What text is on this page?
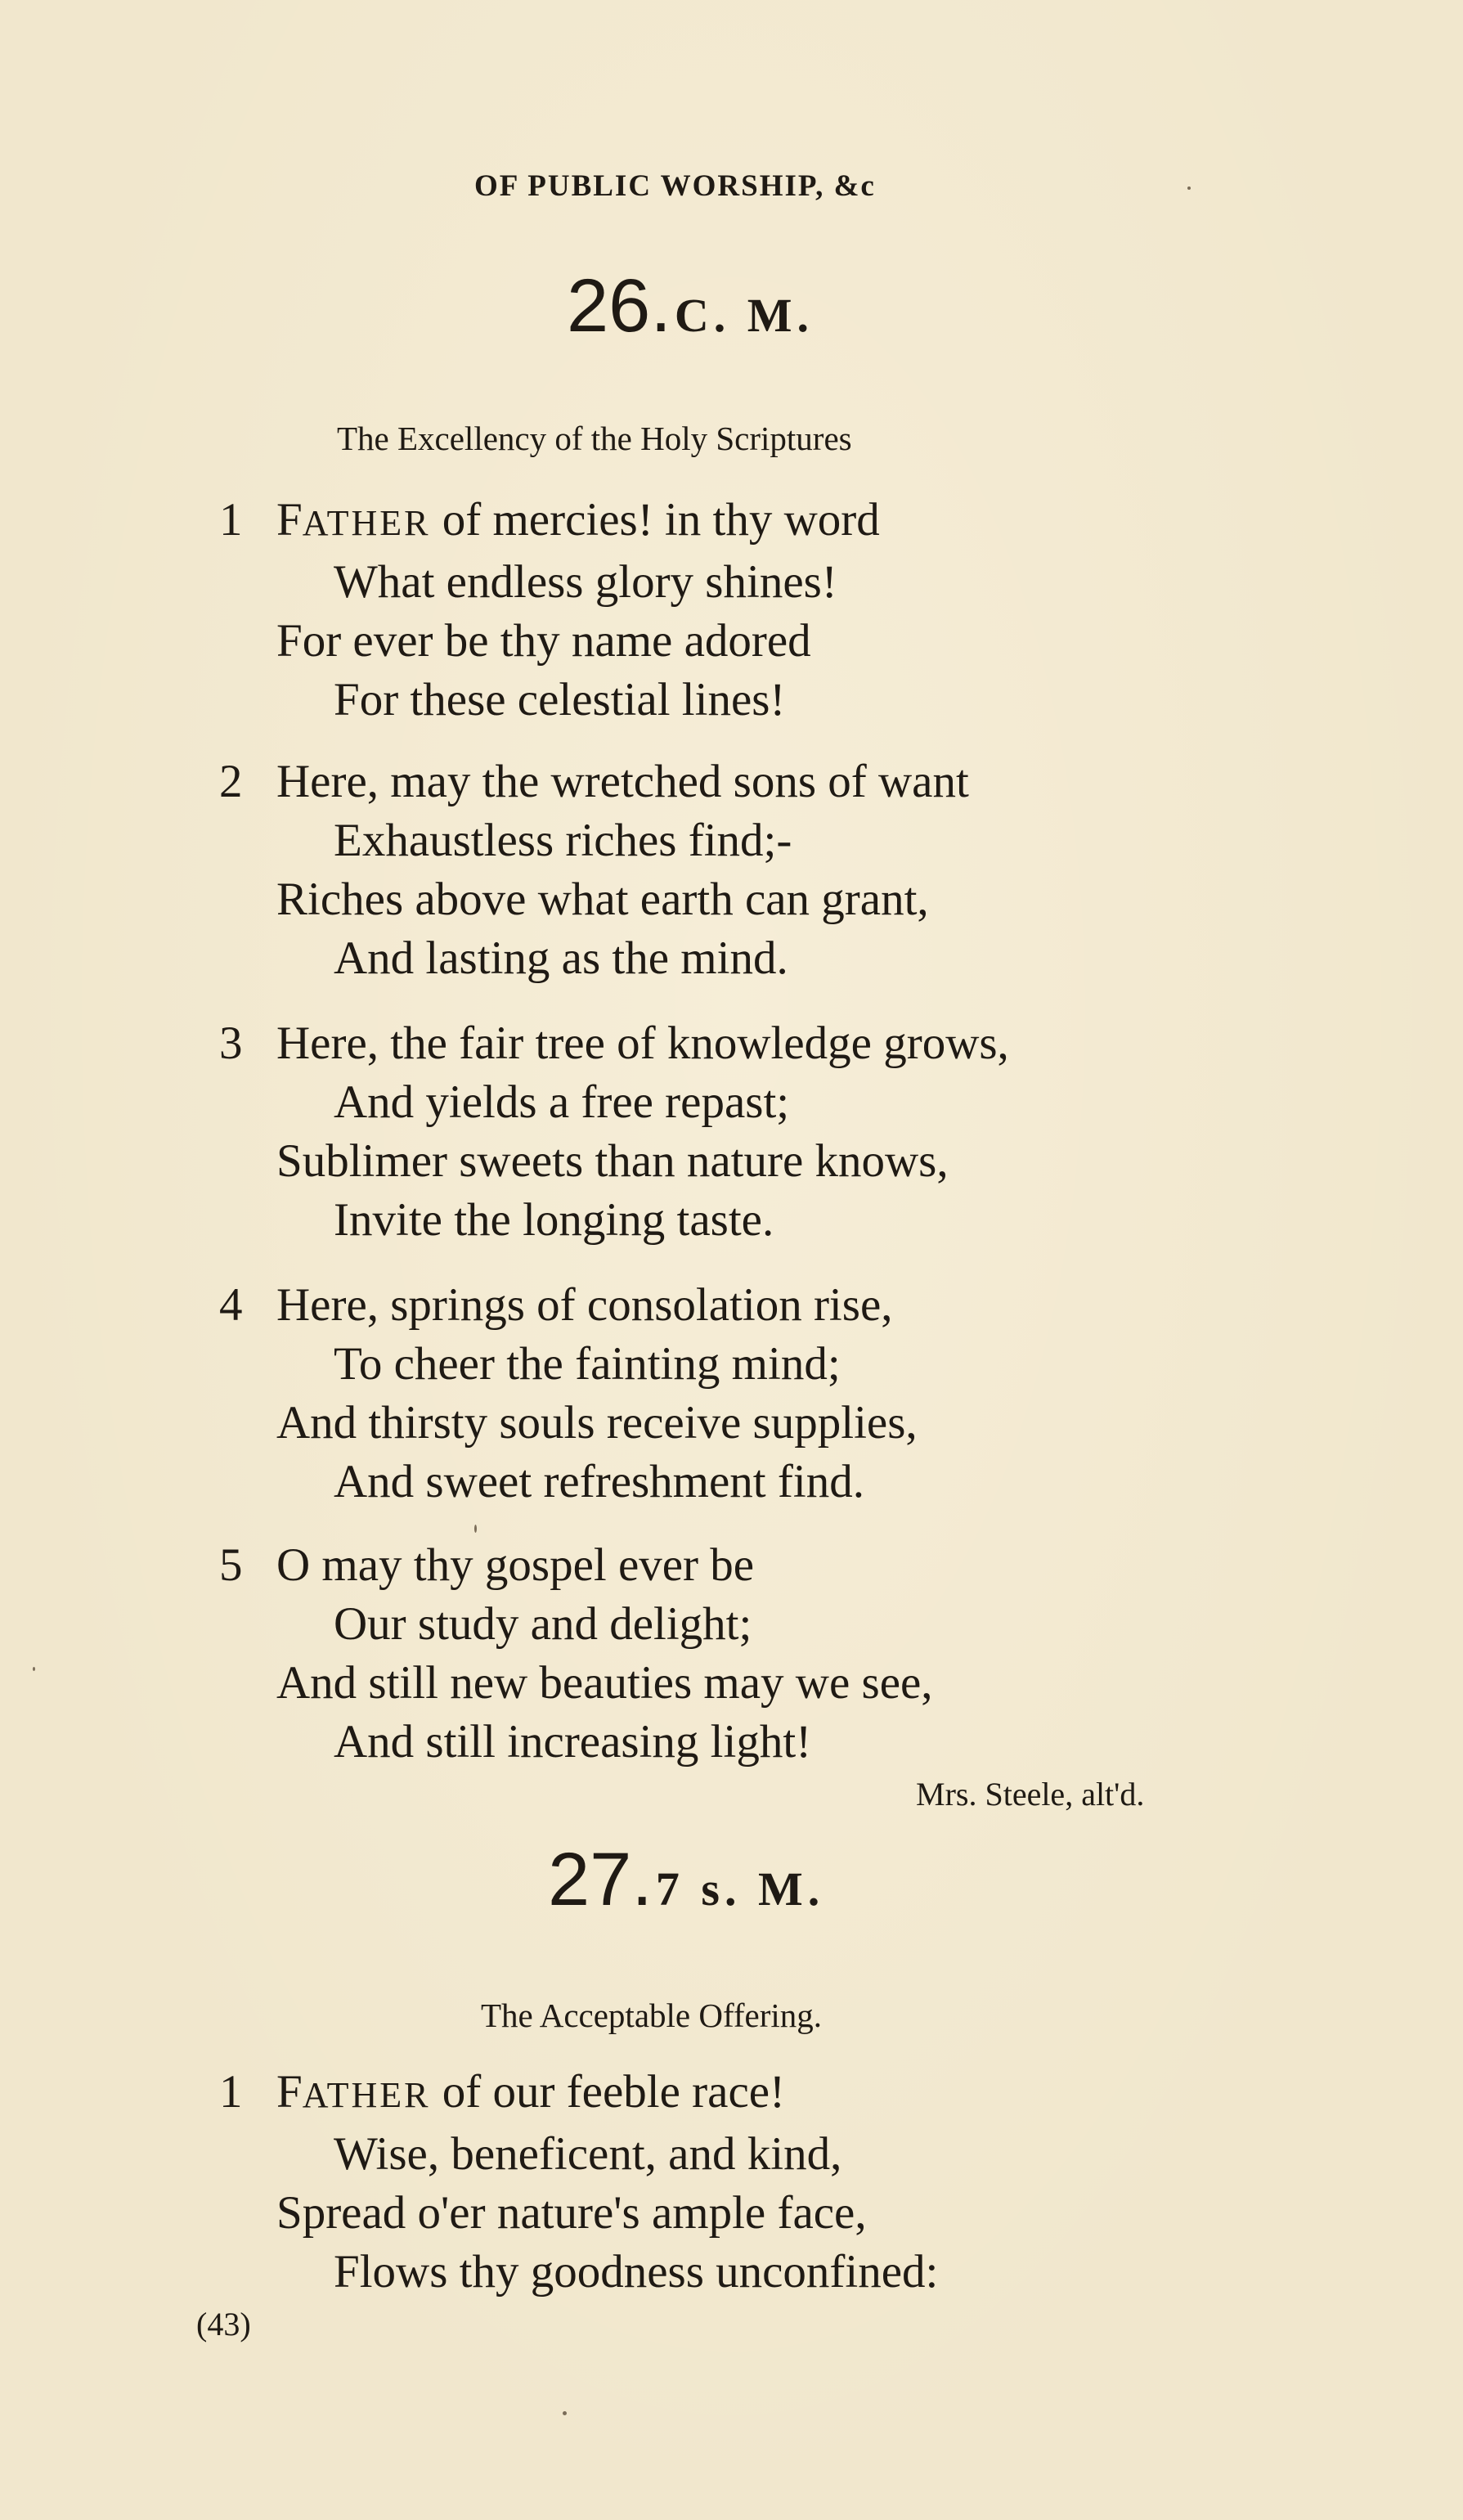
OF PUBLIC WORSHIP, &c
26. C. M.
The Excellency of the Holy Scriptures
1 FATHER of mercies! in thy word
What endless glory shines!
For ever be thy name adored
For these celestial lines!
2 Here, may the wretched sons of want
Exhaustless riches find;-
Riches above what earth can grant,
And lasting as the mind.
3 Here, the fair tree of knowledge grows,
And yields a free repast;
Sublimer sweets than nature knows,
Invite the longing taste.
4 Here, springs of consolation rise,
To cheer the fainting mind;
And thirsty souls receive supplies,
And sweet refreshment find.
5 O may thy gospel ever be
Our study and delight;
And still new beauties may we see,
And still increasing light!
Mrs. Steele, alt'd.
27. 7 s. M.
The Acceptable Offering.
1 FATHER of our feeble race!
Wise, beneficent, and kind,
Spread o'er nature's ample face,
Flows thy goodness unconfined:
(43)
